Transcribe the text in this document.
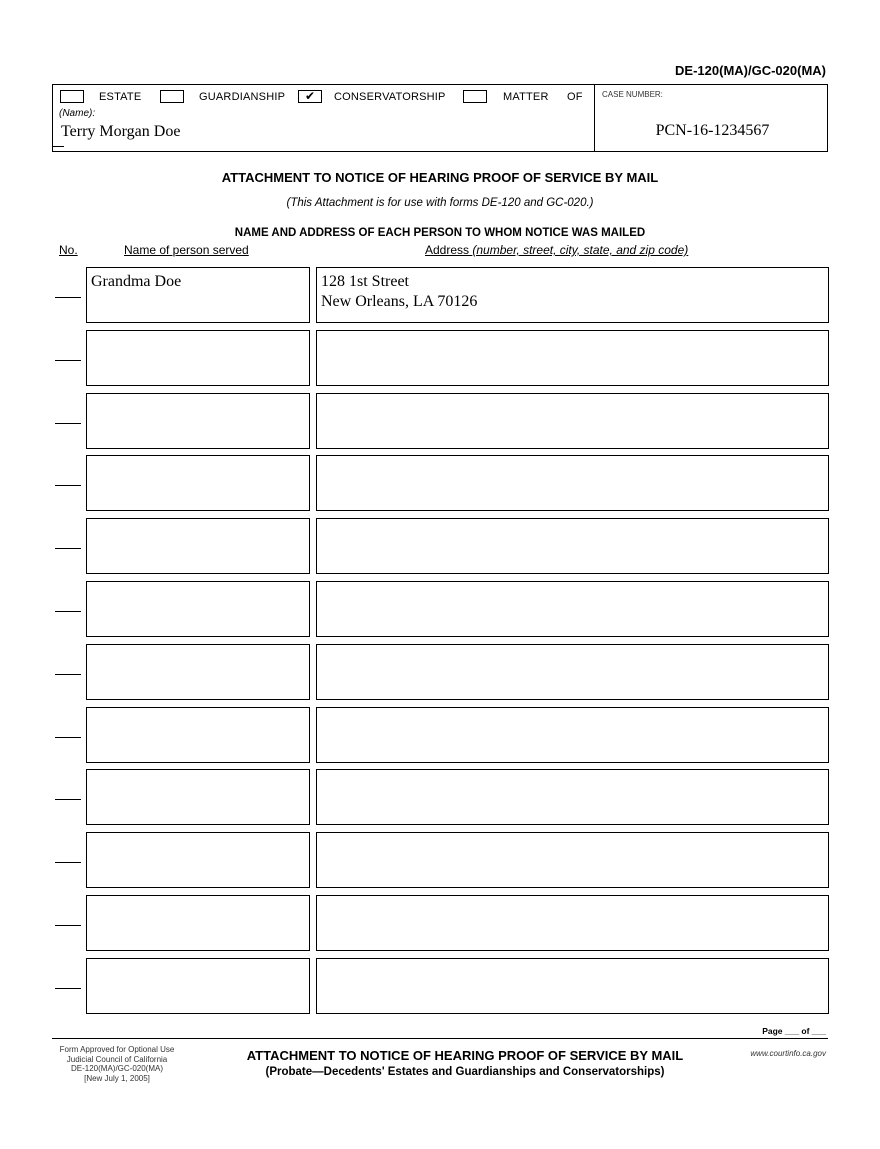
DE-120(MA)/GC-020(MA)
ESTATE	GUARDIANSHIP	✔	CONSERVATORSHIP	MATTER OF
(Name):
Terry Morgan Doe
CASE NUMBER:
PCN-16-1234567
ATTACHMENT TO NOTICE OF HEARING PROOF OF SERVICE BY MAIL
(This Attachment is for use with forms DE-120 and GC-020.)
NAME AND ADDRESS OF EACH PERSON TO WHOM NOTICE WAS MAILED
No.	Name of person served	Address (number, street, city, state, and zip code)
Grandma Doe	128 1st Street
New Orleans, LA 70126
Page ___ of ___
Form Approved for Optional Use
Judicial Council of California
DE-120(MA)/GC-020(MA)
[New July 1, 2005]
ATTACHMENT TO NOTICE OF HEARING PROOF OF SERVICE BY MAIL
(Probate—Decedents' Estates and Guardianships and Conservatorships)
www.courtinfo.ca.gov
